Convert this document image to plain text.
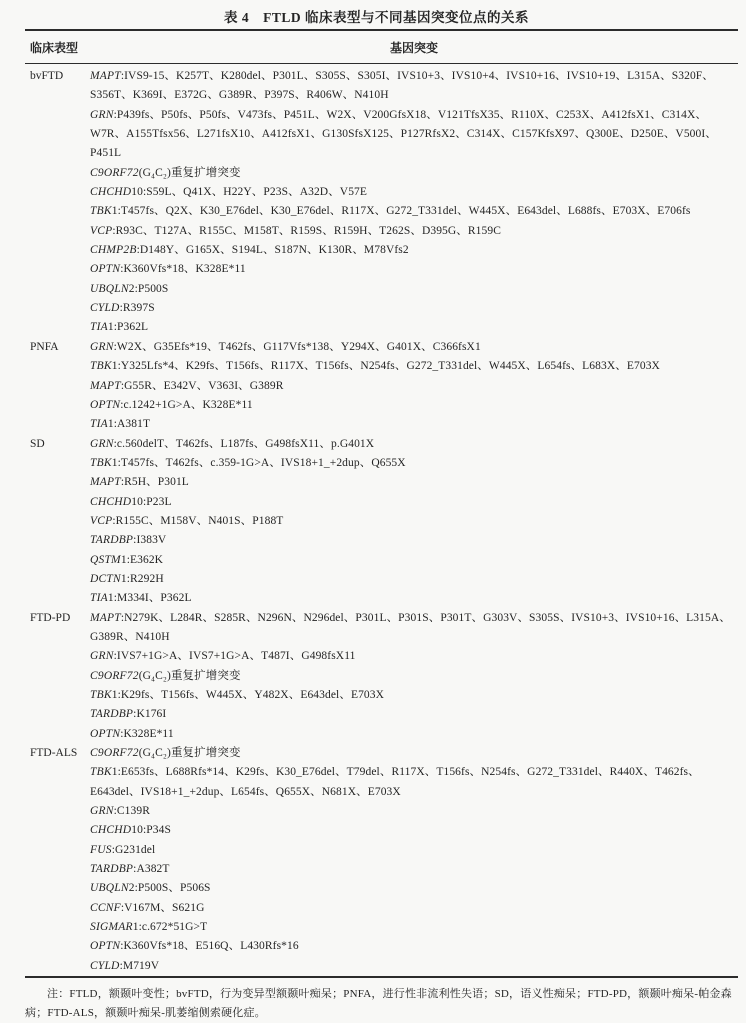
表 4　FTLD 临床表型与不同基因突变位点的关系
临床表型	基因突变
bvFTD	MAPT:IVS9-15、K257T、K280del、P301L、S305S、S305I、IVS10+3、IVS10+4、IVS10+16、IVS10+19、L315A、S320F、S356T、K369I、E372G、G389R、P397S、R406W、N410H

GRN:P439fs、P50fs、P50fs、V473fs、P451L、W2X、V200GfsX18、V121TfsX35、R110X、C253X、A412fsX1、C314X、W7R、A155Tfsx56、L271fsX10、A412fsX1、G130SfsX125、P127RfsX2、C314X、C157KfsX97、Q300E、D250E、V500I、P451L

C9ORF72(G₄C₂)重复扩增突变

CHCHD10:S59L、Q41X、H22Y、P23S、A32D、V57E

TBK1:T457fs、Q2X、K30_E76del、K30_E76del、R117X、G272_T331del、W445X、E643del、L688fs、E703X、E706fs

VCP:R93C、T127A、R155C、M158T、R159S、R159H、T262S、D395G、R159C

CHMP2B:D148Y、G165X、S194L、S187N、K130R、M78Vfs2

OPTN:K360Vfs*18、K328E*11

UBQLN2:P500S

CYLD:R397S

TIA1:P362L

PNFA	GRN:W2X、G35Efs*19、T462fs、G117Vfs*138、Y294X、G401X、C366fsX1

TBK1:Y325Lfs*4、K29fs、T156fs、R117X、T156fs、N254fs、G272_T331del、W445X、L654fs、L683X、E703X

MAPT:G55R、E342V、V363I、G389R

OPTN:c.1242+1G>A、K328E*11

TIA1:A381T

SD	GRN:c.560delT、T462fs、L187fs、G498fsX11、p.G401X

TBK1:T457fs、T462fs、c.359-1G>A、IVS18+1_+2dup、Q655X

MAPT:R5H、P301L

CHCHD10:P23L

VCP:R155C、M158V、N401S、P188T

TARDBP:I383V

QSTM1:E362K

DCTN1:R292H

TIA1:M334I、P362L

FTD-PD	MAPT:N279K、L284R、S285R、N296N、N296del、P301L、P301S、P301T、G303V、S305S、IVS10+3、IVS10+16、L315A、G389R、N410H

GRN:IVS7+1G>A、IVS7+1G>A、T487I、G498fsX11

C9ORF72(G₄C₂)重复扩增突变

TBK1:K29fs、T156fs、W445X、Y482X、E643del、E703X

TARDBP:K176I

OPTN:K328E*11

FTD-ALS	C9ORF72(G₄C₂)重复扩增突变

TBK1:E653fs、L688Rfs*14、K29fs、K30_E76del、T79del、R117X、T156fs、N254fs、G272_T331del、R440X、T462fs、E643del、IVS18+1_+2dup、L654fs、Q655X、N681X、E703X

GRN:C139R

CHCHD10:P34S

FUS:G231del

TARDBP:A382T

UBQLN2:P500S、P506S

CCNF:V167M、S621G

SIGMAR1:c.672*51G>T

OPTN:K360Vfs*18、E516Q、L430Rfs*16

CYLD:M719V

注：FTLD，额颞叶变性；bvFTD，行为变异型额颞叶痴呆；PNFA，进行性非流利性失语；SD，语义性痴呆；FTD-PD，额颞叶痴呆-帕金森病；FTD-ALS，额颞叶痴呆-肌萎缩侧索硬化症。
